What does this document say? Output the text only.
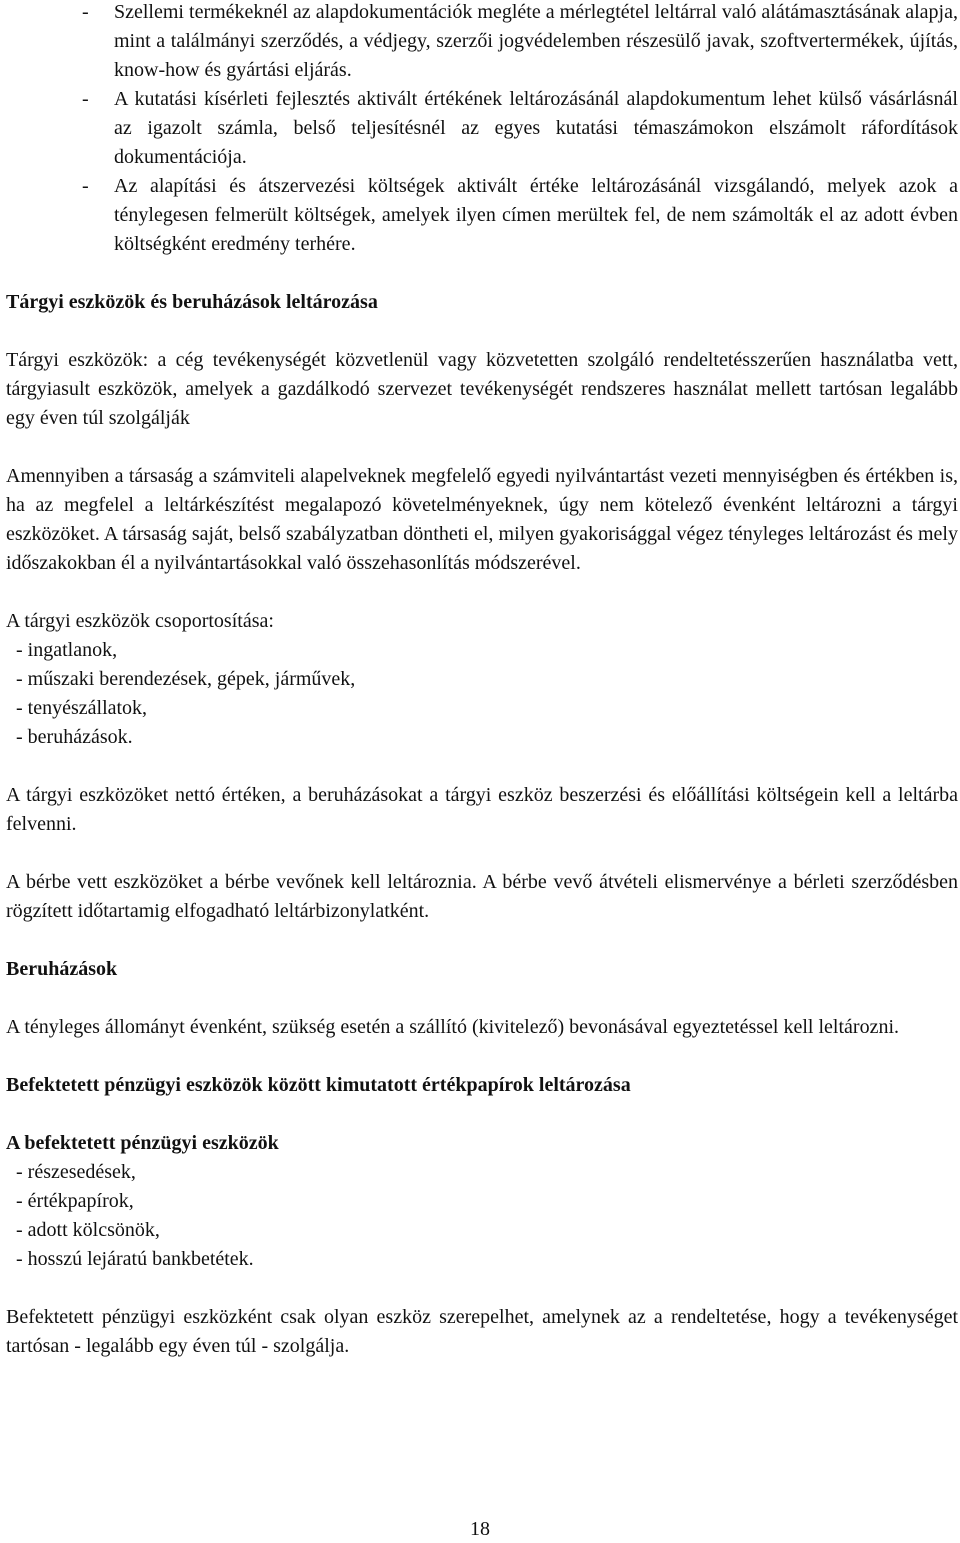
- Szellemi termékeknél az alapdokumentációk megléte a mérlegtétel leltárral való alátámasztásának alapja, mint a találmányi szerződés, a védjegy, szerzői jogvédelemben részesülő javak, szoftvertermékek, újítás, know-how és gyártási eljárás.
- A kutatási kísérleti fejlesztés aktivált értékének leltározásánál alapdokumentum lehet külső vásárlásnál az igazolt számla, belső teljesítésnél az egyes kutatási témaszámokon elszámolt ráfordítások dokumentációja.
- Az alapítási és átszervezési költségek aktivált értéke leltározásánál vizsgálandó, melyek azok a ténylegesen felmerült költségek, amelyek ilyen címen merültek fel, de nem számolták el az adott évben költségként eredmény terhére.
Tárgyi eszközök és beruházások leltározása
Tárgyi eszközök: a cég tevékenységét közvetlenül vagy közvetetten szolgáló rendeltetésszerűen használatba vett, tárgyiasult eszközök, amelyek a gazdálkodó szervezet tevékenységét rendszeres használat mellett tartósan legalább egy éven túl szolgálják
Amennyiben a társaság a számviteli alapelveknek megfelelő egyedi nyilvántartást vezeti mennyiségben és értékben is, ha az megfelel a leltárkészítést megalapozó követelményeknek, úgy nem kötelező évenként leltározni a tárgyi eszközöket. A társaság saját, belső szabályzatban döntheti el, milyen gyakorisággal végez tényleges leltározást és mely időszakokban él a nyilvántartásokkal való összehasonlítás módszerével.
A tárgyi eszközök csoportosítása:
- ingatlanok,
- műszaki berendezések, gépek, járművek,
- tenyészállatok,
- beruházások.
A tárgyi eszközöket nettó értéken, a beruházásokat a tárgyi eszköz beszerzési és előállítási költségein kell a leltárba felvenni.
A bérbe vett eszközöket a bérbe vevőnek kell leltároznia. A bérbe vevő átvételi elismervénye a bérleti szerződésben rögzített időtartamig elfogadható leltárbizonylatként.
Beruházások
A tényleges állományt évenként, szükség esetén a szállító (kivitelező) bevonásával egyeztetéssel kell leltározni.
Befektetett pénzügyi eszközök között kimutatott értékpapírok leltározása
A befektetett pénzügyi eszközök
- részesedések,
- értékpapírok,
- adott kölcsönök,
- hosszú lejáratú bankbetétek.
Befektetett pénzügyi eszközként csak olyan eszköz szerepelhet, amelynek az a rendeltetése, hogy a tevékenységet tartósan - legalább egy éven túl - szolgálja.
18
